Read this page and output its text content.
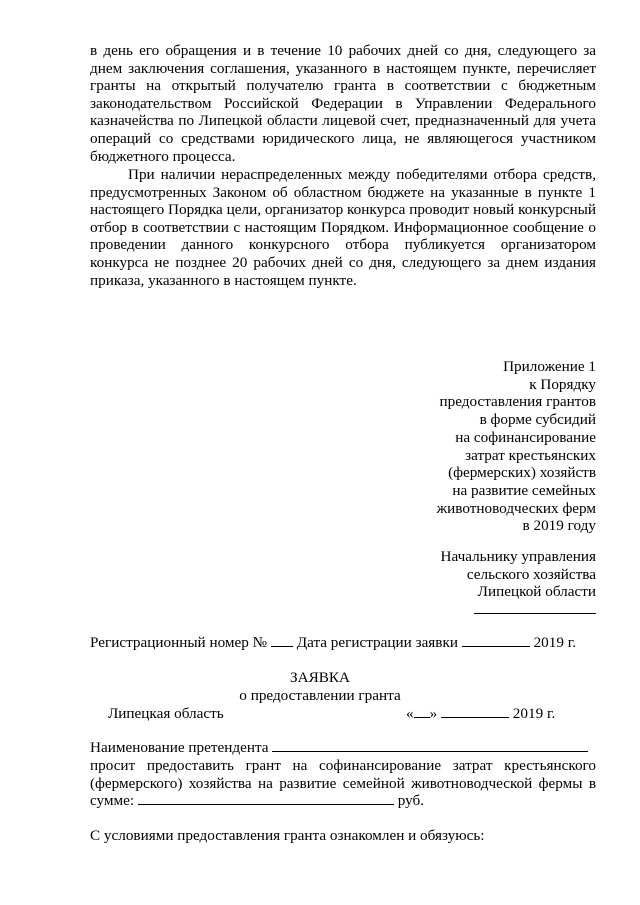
в день его обращения и в течение 10 рабочих дней со дня, следующего за днем заключения соглашения, указанного в настоящем пункте, перечисляет гранты на открытый получателю гранта в соответствии с бюджетным законодательством Российской Федерации в Управлении Федерального казначейства по Липецкой области лицевой счет, предназначенный для учета операций со средствами юридического лица, не являющегося участником бюджетного процесса.

При наличии нераспределенных между победителями отбора средств, предусмотренных Законом об областном бюджете на указанные в пункте 1 настоящего Порядка цели, организатор конкурса проводит новый конкурсный отбор в соответствии с настоящим Порядком. Информационное сообщение о проведении данного конкурсного отбора публикуется организатором конкурса не позднее 20 рабочих дней со дня, следующего за днем издания приказа, указанного в настоящем пункте.

Приложение 1
к Порядку
предоставления грантов
в форме субсидий
на софинансирование
затрат крестьянских
(фермерских) хозяйств
на развитие семейных
животноводческих ферм
в 2019 году
Начальнику управления
сельского хозяйства
Липецкой области
Регистрационный номер № Дата регистрации заявки	2019 г.
ЗАЯВКА
о предоставлении гранта
Липецкая область	« »	2019 г.
Наименование претендента

просит предоставить грант на софинансирование затрат крестьянского (фермерского) хозяйства на развитие семейной животноводческой фермы в сумме:	руб.

С условиями предоставления гранта ознакомлен и обязуюсь:
